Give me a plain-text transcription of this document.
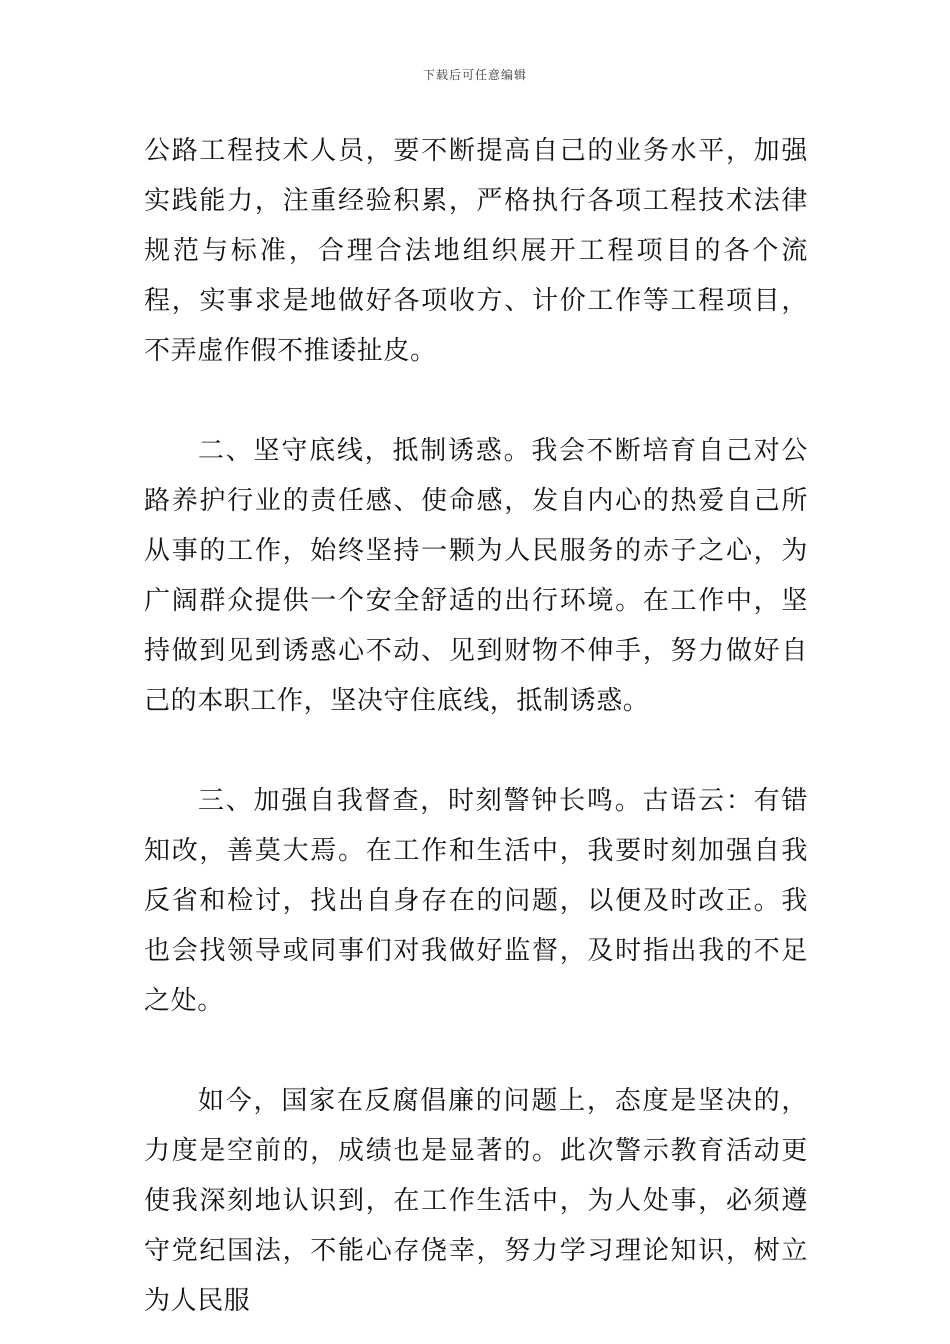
下载后可任意编辑

公路工程技术人员，要不断提高自己的业务水平，加强实践能力，注重经验积累，严格执行各项工程技术法律规范与标准，合理合法地组织展开工程项目的各个流程，实事求是地做好各项收方、计价工作等工程项目，不弄虚作假不推诿扯皮。

二、坚守底线，抵制诱惑。我会不断培育自己对公路养护行业的责任感、使命感，发自内心的热爱自己所从事的工作，始终坚持一颗为人民服务的赤子之心，为广阔群众提供一个安全舒适的出行环境。在工作中，坚持做到见到诱惑心不动、见到财物不伸手，努力做好自己的本职工作，坚决守住底线，抵制诱惑。

三、加强自我督查，时刻警钟长鸣。古语云：有错知改，善莫大焉。在工作和生活中，我要时刻加强自我反省和检讨，找出自身存在的问题，以便及时改正。我也会找领导或同事们对我做好监督，及时指出我的不足之处。

如今，国家在反腐倡廉的问题上，态度是坚决的，力度是空前的，成绩也是显著的。此次警示教育活动更使我深刻地认识到，在工作生活中，为人处事，必须遵守党纪国法，不能心存侥幸，努力学习理论知识，树立为人民服
